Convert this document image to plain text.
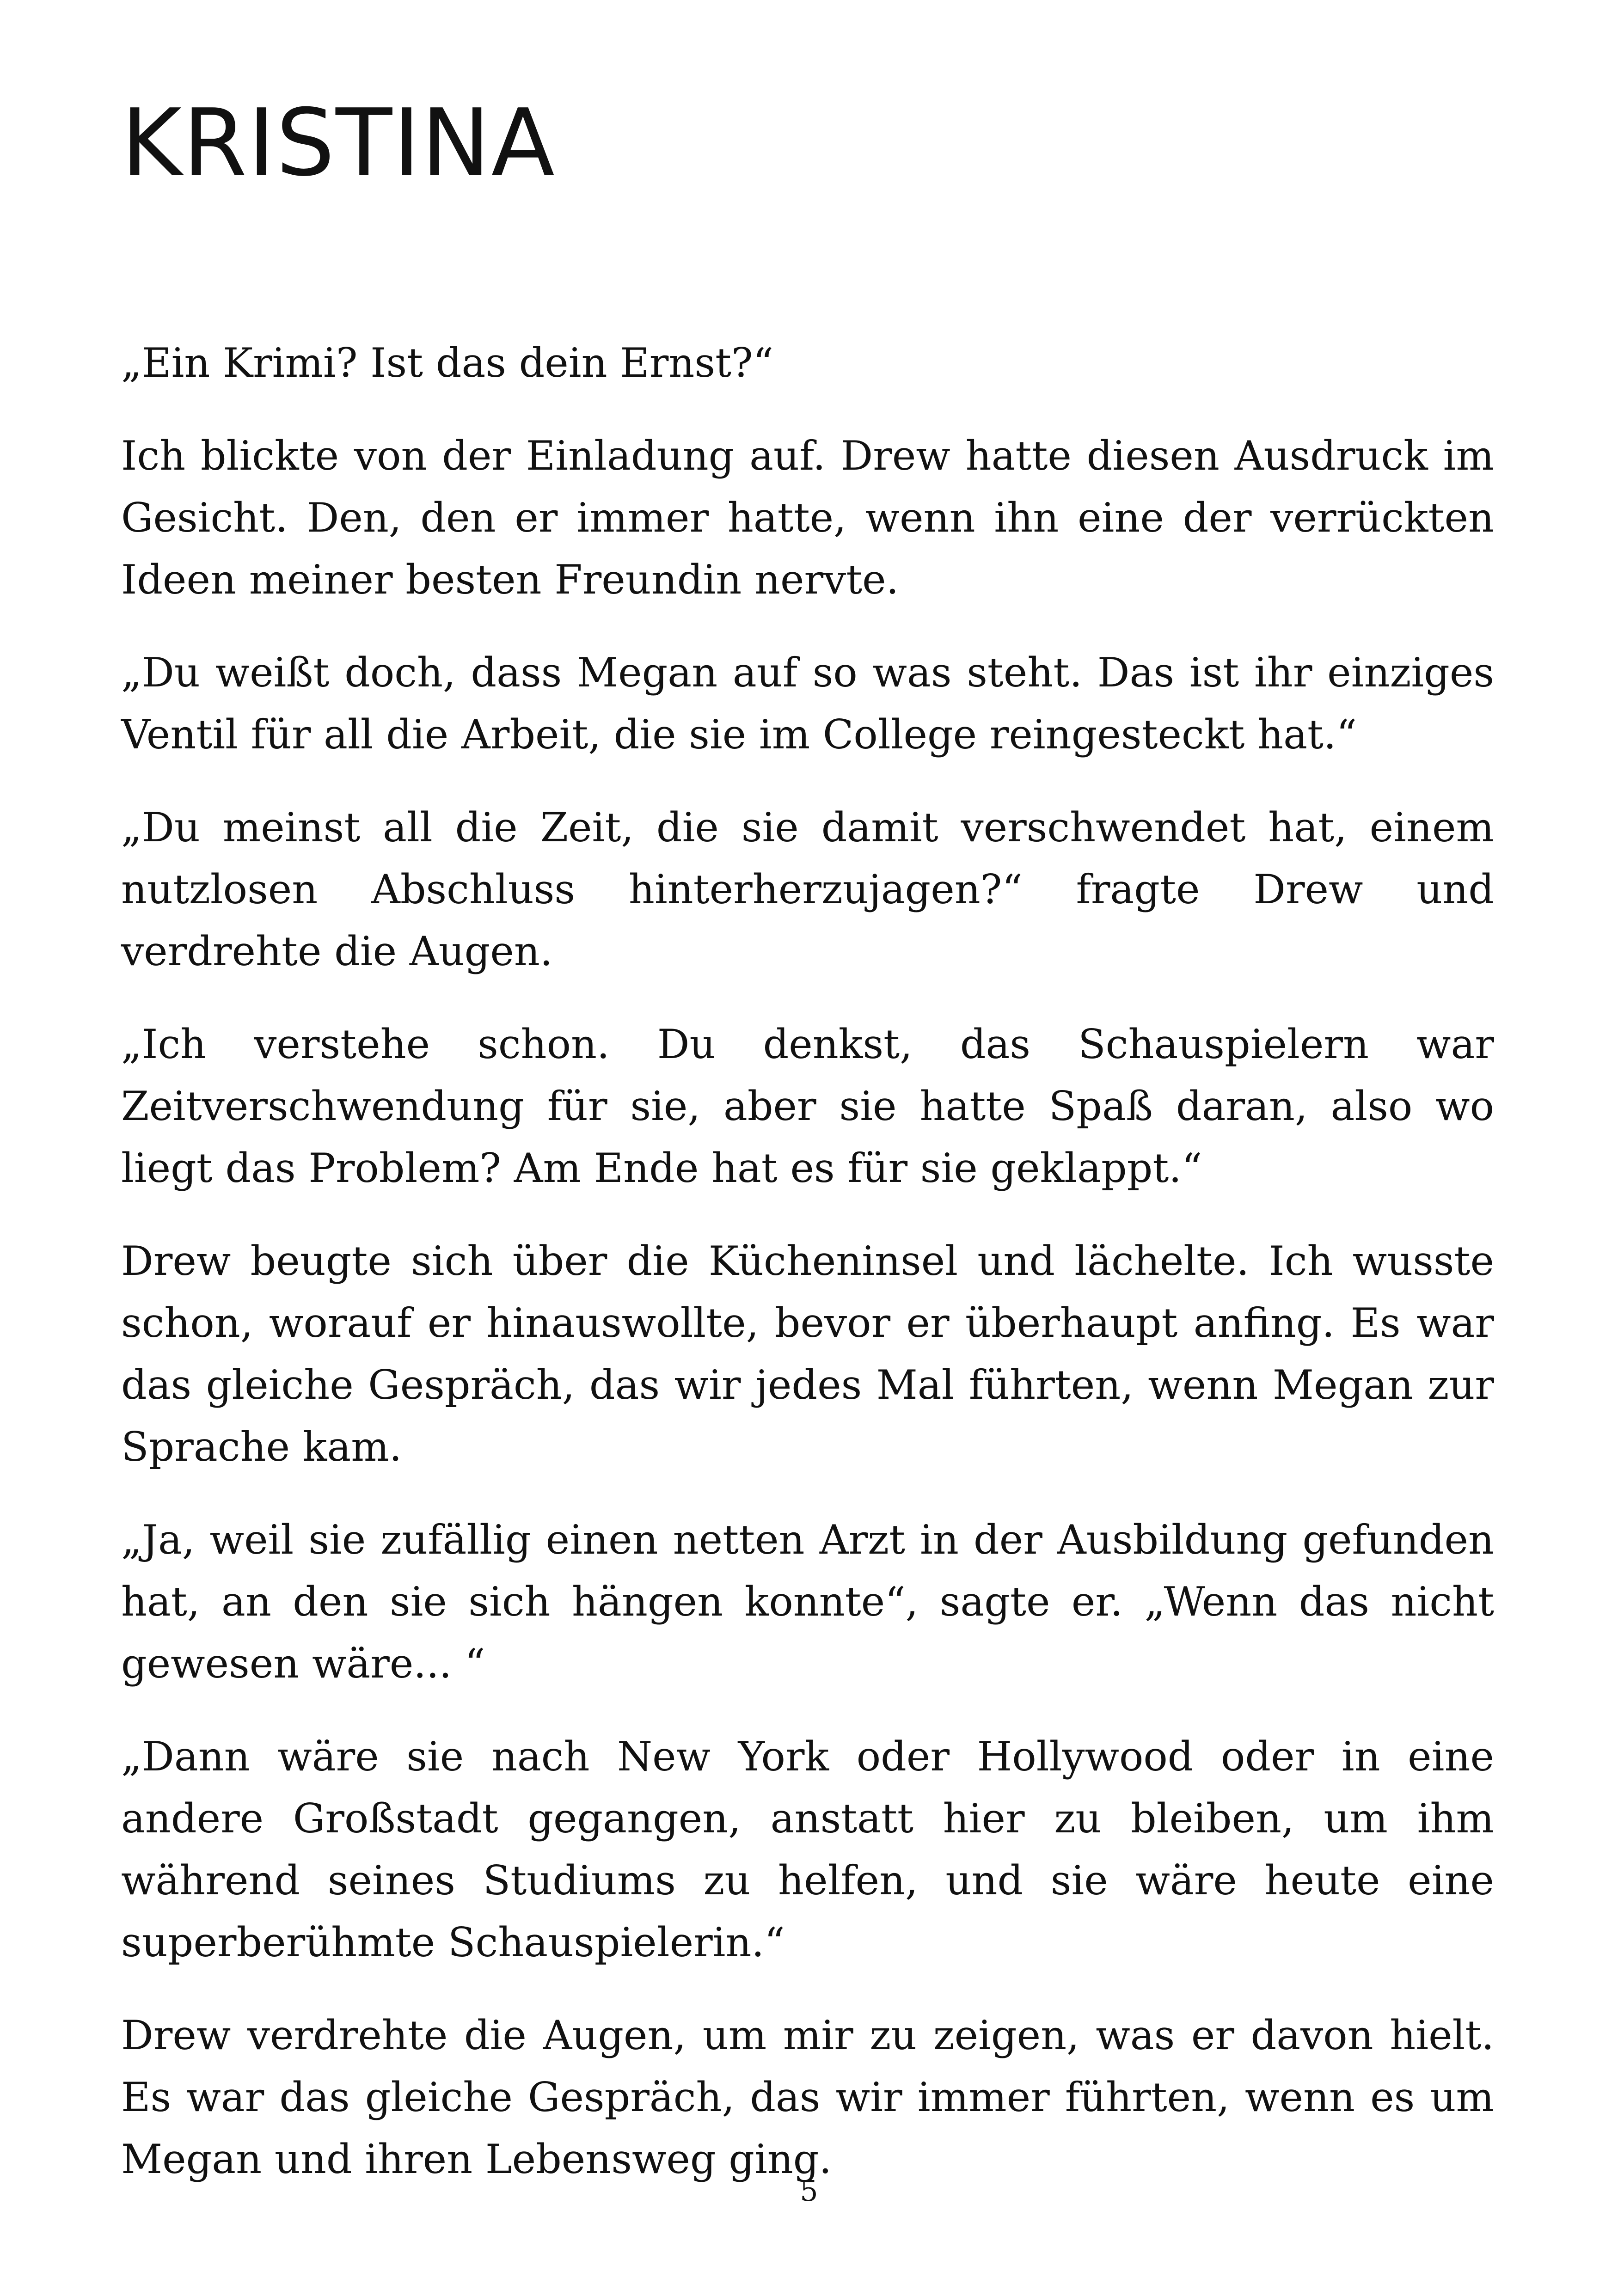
KRISTINA

„Ein Krimi? Ist das dein Ernst?“

Ich blickte von der Einladung auf. Drew hatte diesen Ausdruck im Gesicht. Den, den er immer hatte, wenn ihn eine der verrückten Ideen meiner besten Freundin nervte.

„Du weißt doch, dass Megan auf so was steht. Das ist ihr einziges Ventil für all die Arbeit, die sie im College reingesteckt hat.“

„Du meinst all die Zeit, die sie damit verschwendet hat, einem nutzlosen Abschluss hinterherzujagen?“ fragte Drew und verdrehte die Augen.

„Ich verstehe schon. Du denkst, das Schauspielern war Zeitverschwendung für sie, aber sie hatte Spaß daran, also wo liegt das Problem? Am Ende hat es für sie geklappt.“

Drew beugte sich über die Kücheninsel und lächelte. Ich wusste schon, worauf er hinauswollte, bevor er überhaupt anfing. Es war das gleiche Gespräch, das wir jedes Mal führten, wenn Megan zur Sprache kam.

„Ja, weil sie zufällig einen netten Arzt in der Ausbildung gefunden hat, an den sie sich hängen konnte“, sagte er. „Wenn das nicht gewesen wäre... “

„Dann wäre sie nach New York oder Hollywood oder in eine andere Großstadt gegangen, anstatt hier zu bleiben, um ihm während seines Studiums zu helfen, und sie wäre heute eine superberühmte Schauspielerin.“

Drew verdrehte die Augen, um mir zu zeigen, was er davon hielt. Es war das gleiche Gespräch, das wir immer führten, wenn es um Megan und ihren Lebensweg ging.

5
